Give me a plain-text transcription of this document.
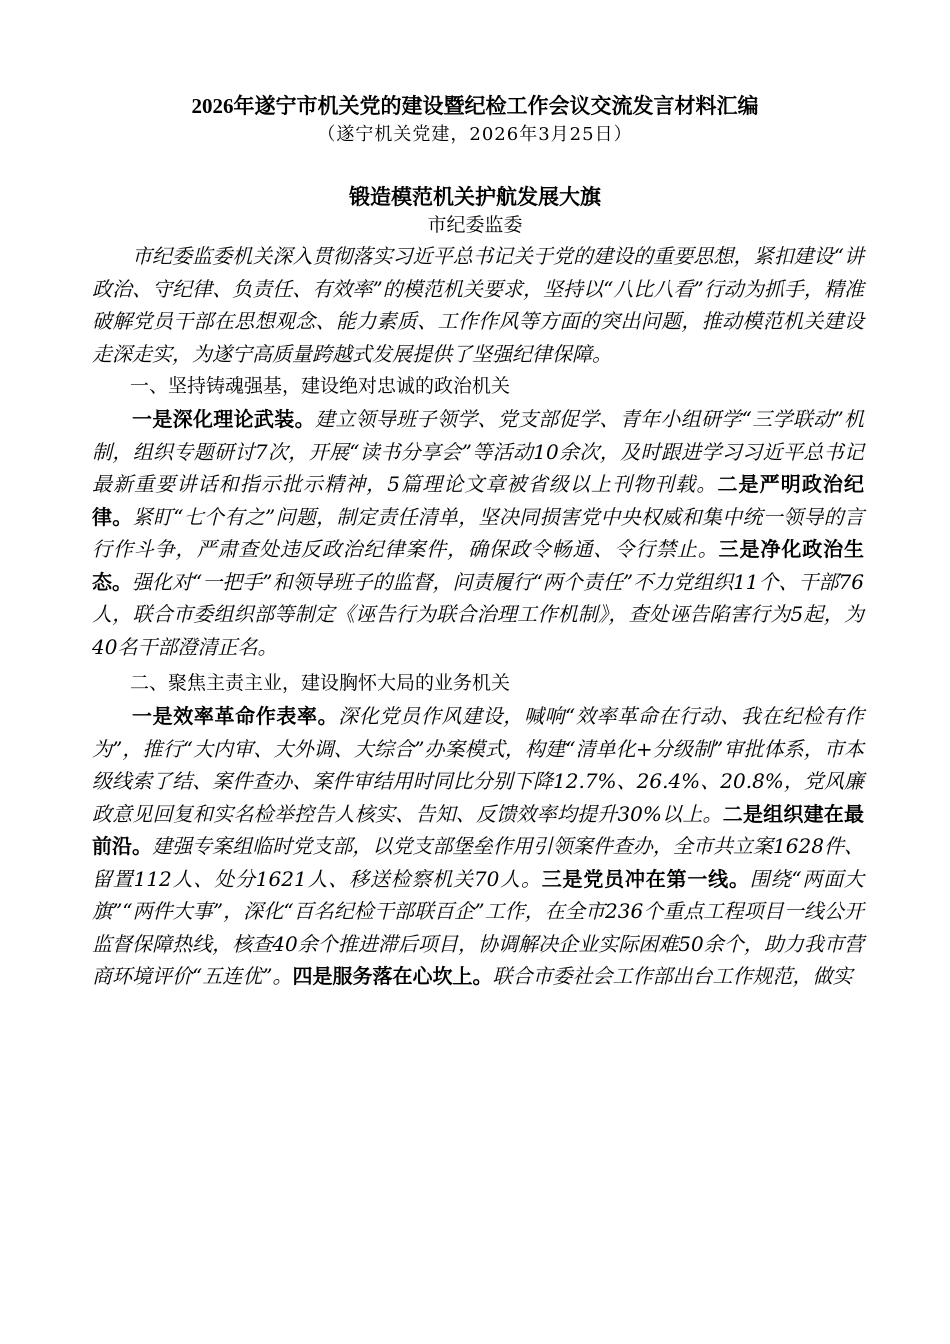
2026年遂宁市机关党的建设暨纪检工作会议交流发言材料汇编

（遂宁机关党建，2026年3月25日）

锻造模范机关护航发展大旗

市纪委监委

市纪委监委机关深入贯彻落实习近平总书记关于党的建设的重要思想，紧扣建设“讲政治、守纪律、负责任、有效率”的模范机关要求，坚持以“八比八看”行动为抓手，精准破解党员干部在思想观念、能力素质、工作作风等方面的突出问题，推动模范机关建设走深走实，为遂宁高质量跨越式发展提供了坚强纪律保障。

一、坚持铸魂强基，建设绝对忠诚的政治机关

一是深化理论武装。建立领导班子领学、党支部促学、青年小组研学“三学联动”机制，组织专题研讨7次，开展“读书分享会”等活动10余次，及时跟进学习习近平总书记最新重要讲话和指示批示精神，5篇理论文章被省级以上刊物刊载。二是严明政治纪律。紧盯“七个有之”问题，制定责任清单，坚决同损害党中央权威和集中统一领导的言行作斗争，严肃查处违反政治纪律案件，确保政令畅通、令行禁止。三是净化政治生态。强化对“一把手”和领导班子的监督，问责履行“两个责任”不力党组织11个、干部76人，联合市委组织部等制定《诬告行为联合治理工作机制》，查处诬告陷害行为5起，为40名干部澄清正名。

二、聚焦主责主业，建设胸怀大局的业务机关

一是效率革命作表率。深化党员作风建设，喊响“效率革命在行动、我在纪检有作为”，推行“大内审、大外调、大综合”办案模式，构建“清单化+分级制”审批体系，市本级线索了结、案件查办、案件审结用时同比分别下降12.7%、26.4%、20.8%，党风廉政意见回复和实名检举控告人核实、告知、反馈效率均提升30%以上。二是组织建在最前沿。建强专案组临时党支部，以党支部堡垒作用引领案件查办，全市共立案1628件、留置112人、处分1621人、移送检察机关70人。三是党员冲在第一线。围绕“两面大旗”“两件大事”，深化“百名纪检干部联百企”工作，在全市236个重点工程项目一线公开监督保障热线，核查40余个推进滞后项目，协调解决企业实际困难50余个，助力我市营商环境评价“五连优”。四是服务落在心坎上。联合市委社会工作部出台工作规范，做实
